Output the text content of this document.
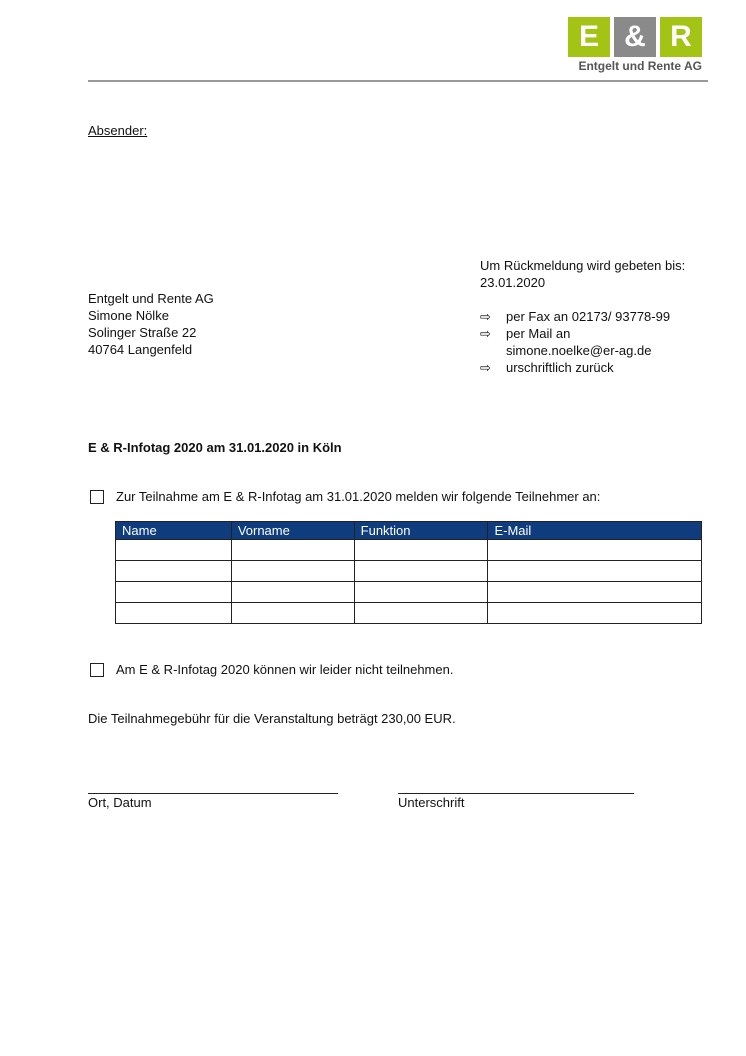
E & R
Entgelt und Rente AG
Absender:
Entgelt und Rente AG
Simone Nölke
Solinger Straße 22
40764 Langenfeld
Um Rückmeldung wird gebeten bis:
23.01.2020
⇨	per Fax an 02173/ 93778-99
⇨	per Mail an
simone.noelke@er-ag.de
⇨	urschriftlich zurück
E & R-Infotag 2020 am 31.01.2020 in Köln
Zur Teilnahme am E & R-Infotag am 31.01.2020 melden wir folgende Teilnehmer an:
Name	Vorname	Funktion	E-Mail

Am E & R-Infotag 2020 können wir leider nicht teilnehmen.
Die Teilnahmegebühr für die Veranstaltung beträgt 230,00 EUR.
Ort, Datum	Unterschrift
